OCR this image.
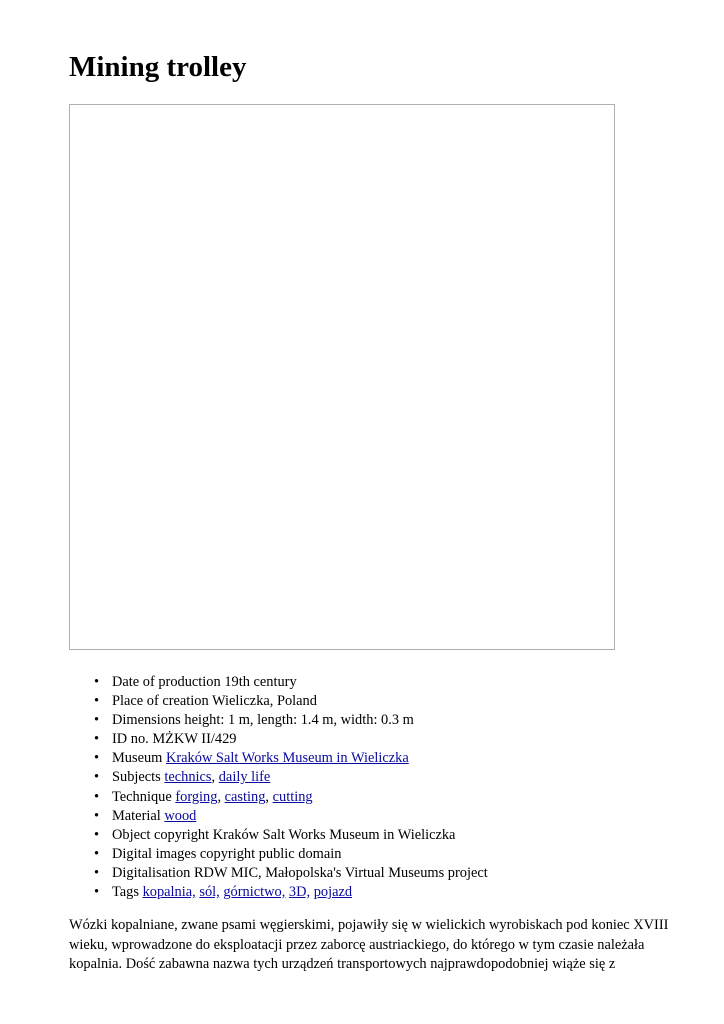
Mining trolley
• Date of production 19th century
• Place of creation Wieliczka, Poland
• Dimensions height: 1 m, length: 1.4 m, width: 0.3 m
• ID no. MŻKW II/429
• Museum Kraków Salt Works Museum in Wieliczka
• Subjects technics, daily life
• Technique forging, casting, cutting
• Material wood
• Object copyright Kraków Salt Works Museum in Wieliczka
• Digital images copyright public domain
• Digitalisation RDW MIC, Małopolska's Virtual Museums project
• Tags kopalnia, sól, górnictwo, 3D, pojazd

Wózki kopalniane, zwane psami węgierskimi, pojawiły się w wielickich wyrobiskach pod koniec XVIII wieku, wprowadzone do eksploatacji przez zaborcę austriackiego, do którego w tym czasie należała kopalnia. Dość zabawna nazwa tych urządzeń transportowych najprawdopodobniej wiąże się z
